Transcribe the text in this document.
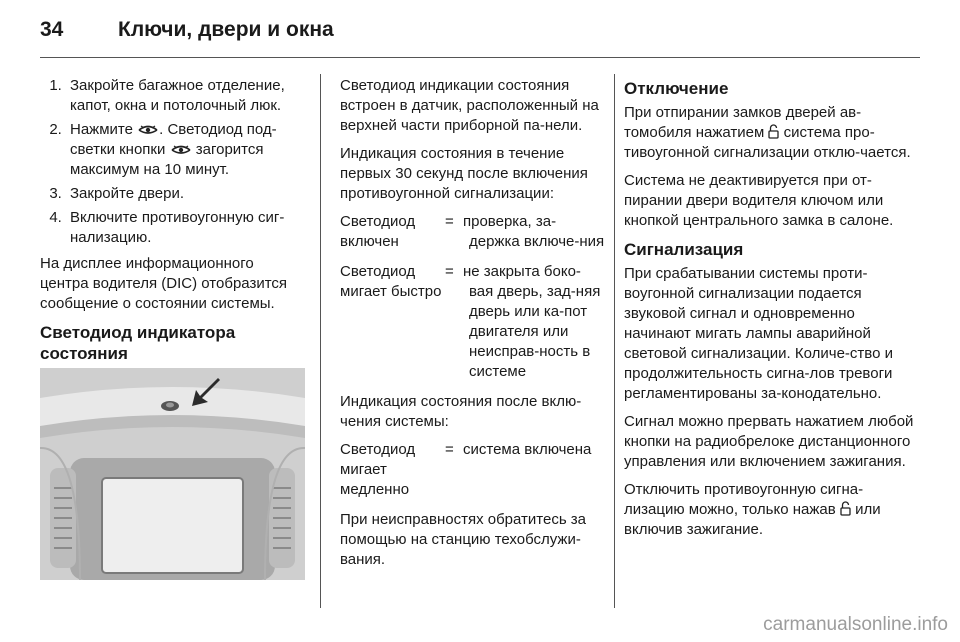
34	Ключи, двери и окна
1. Закройте багажное отделение, капот, окна и потолочный люк.
2. Нажмите . Светодиод под-светки кнопки загорится максимум на 10 минут.
3. Закройте двери.
4. Включите противоугонную сиг-нализацию.

На дисплее информационного центра водителя (DIC) отобразится сообщение о состоянии системы.

Светодиод индикатора состояния

Светодиод индикации состояния встроен в датчик, расположенный на верхней части приборной па-нели.

Индикация состояния в течение первых 30 секунд после включения противоугонной сигнализации:

Светодиод включен
= проверка, за-держка включе-ния
Светодиод мигает быстро
= не закрыта боко-вая дверь, зад-няя дверь или ка-пот двигателя или неисправ-ность в системе

Индикация состояния после вклю-чения системы:

Светодиод мигает медленно
= система включена

При неисправностях обратитесь за помощью на станцию техобслужи-вания.

Отключение

При отпирании замков дверей ав-томобиля нажатием система про-тивоугонной сигнализации отклю-чается.

Система не деактивируется при от-пирании двери водителя ключом или кнопкой центрального замка в салоне.

Сигнализация

При срабатывании системы проти-воугонной сигнализации подается звуковой сигнал и одновременно начинают мигать лампы аварийной световой сигнализации. Количе-ство и продолжительность сигна-лов тревоги регламентированы за-конодательно.

Сигнал можно прервать нажатием любой кнопки на радиобрелоке дистанционного управления или включением зажигания.

Отключить противоугонную сигна-лизацию можно, только нажав или включив зажигание.

carmanualsonline.info
